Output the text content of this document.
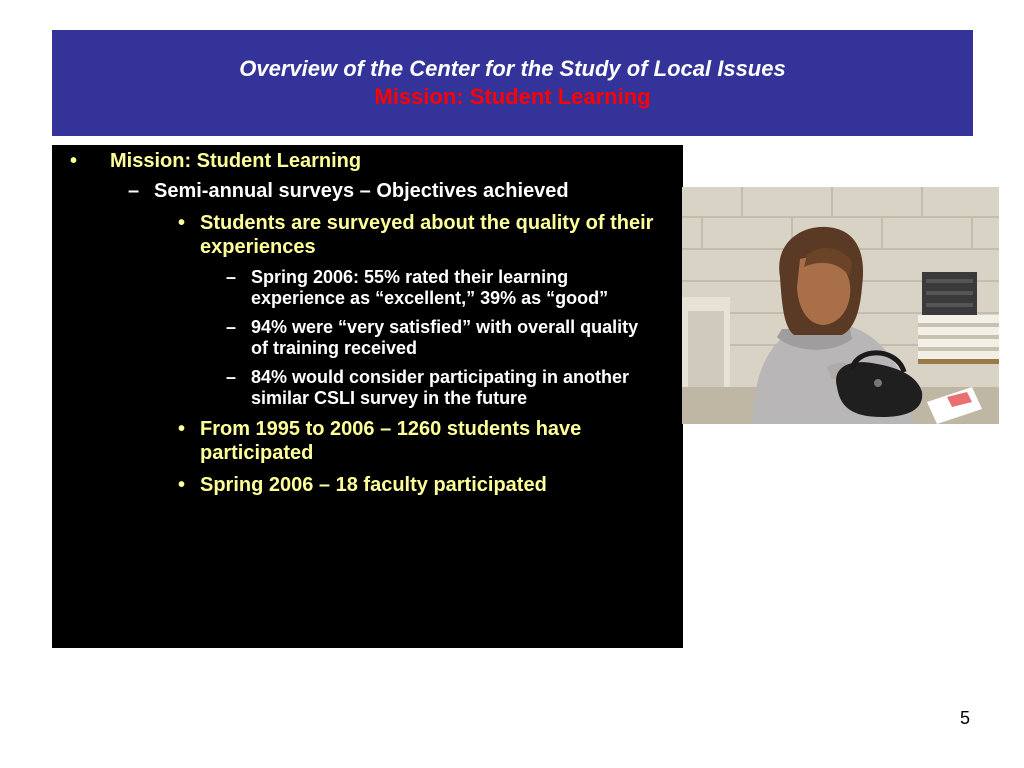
Overview of the Center for the Study of Local Issues
Mission: Student Learning
• Mission: Student Learning
– Semi-annual surveys – Objectives achieved
• Students are surveyed about the quality of their experiences
– Spring 2006: 55% rated their learning experience as “excellent,” 39% as “good”
– 94% were “very satisfied” with overall quality of training received
– 84% would consider participating in another similar CSLI survey in the future
• From 1995 to 2006 – 1260 students have participated
• Spring 2006 – 18 faculty participated
5
